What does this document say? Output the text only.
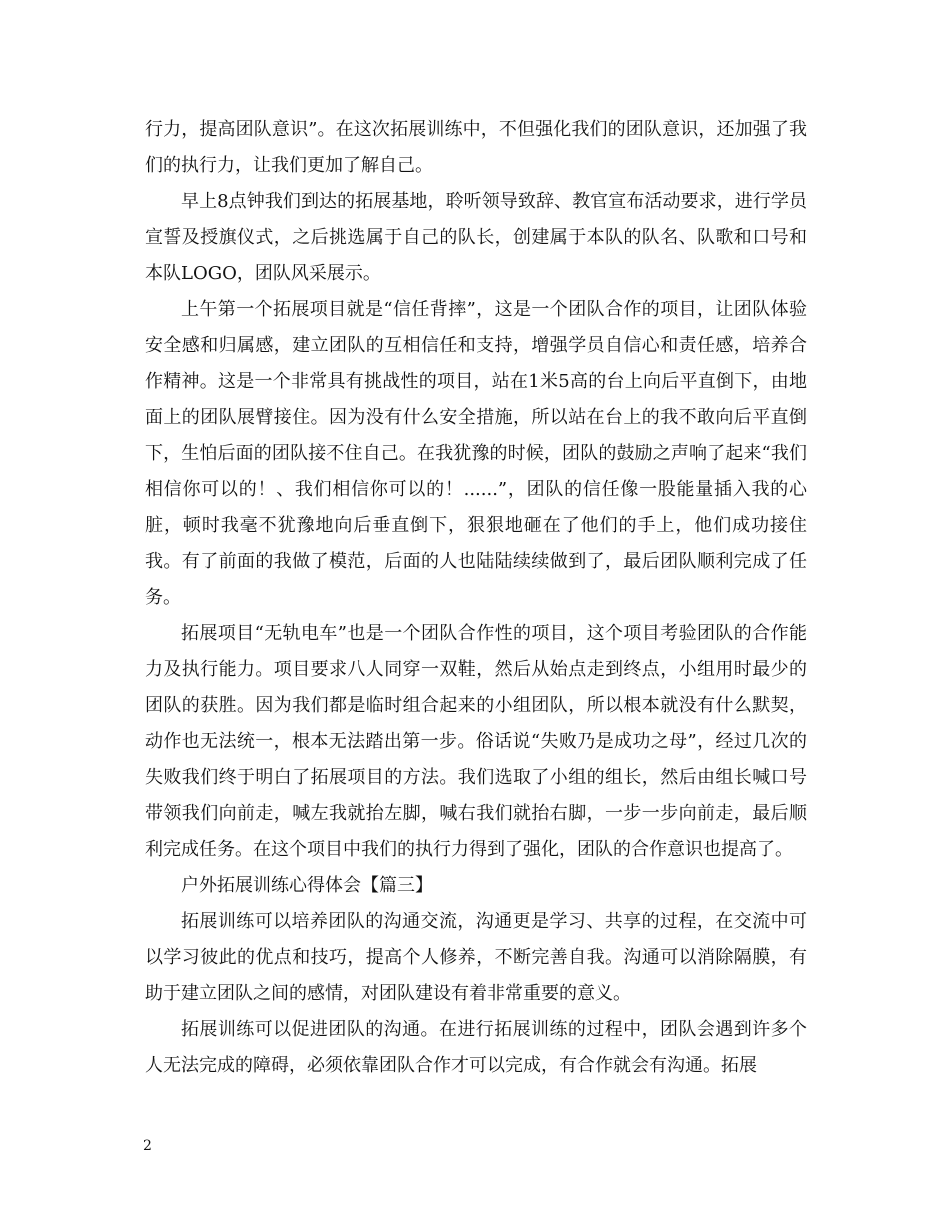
行力，提高团队意识”。在这次拓展训练中，不但强化我们的团队意识，还加强了我们的执行力，让我们更加了解自己。

早上8点钟我们到达的拓展基地，聆听领导致辞、教官宣布活动要求，进行学员宣誓及授旗仪式，之后挑选属于自己的队长，创建属于本队的队名、队歌和口号和本队LOGO，团队风采展示。

上午第一个拓展项目就是“信任背摔”，这是一个团队合作的项目，让团队体验安全感和归属感，建立团队的互相信任和支持，增强学员自信心和责任感，培养合作精神。这是一个非常具有挑战性的项目，站在1米5高的台上向后平直倒下，由地面上的团队展臂接住。因为没有什么安全措施，所以站在台上的我不敢向后平直倒下，生怕后面的团队接不住自己。在我犹豫的时候，团队的鼓励之声响了起来“我们相信你可以的！、我们相信你可以的！......”，团队的信任像一股能量插入我的心脏，顿时我毫不犹豫地向后垂直倒下，狠狠地砸在了他们的手上，他们成功接住我。有了前面的我做了模范，后面的人也陆陆续续做到了，最后团队顺利完成了任务。

拓展项目“无轨电车”也是一个团队合作性的项目，这个项目考验团队的合作能力及执行能力。项目要求八人同穿一双鞋，然后从始点走到终点，小组用时最少的团队的获胜。因为我们都是临时组合起来的小组团队，所以根本就没有什么默契，动作也无法统一，根本无法踏出第一步。俗话说“失败乃是成功之母”，经过几次的失败我们终于明白了拓展项目的方法。我们选取了小组的组长，然后由组长喊口号带领我们向前走，喊左我就抬左脚，喊右我们就抬右脚，一步一步向前走，最后顺利完成任务。在这个项目中我们的执行力得到了强化，团队的合作意识也提高了。

户外拓展训练心得体会【篇三】

拓展训练可以培养团队的沟通交流，沟通更是学习、共享的过程，在交流中可以学习彼此的优点和技巧，提高个人修养，不断完善自我。沟通可以消除隔膜，有助于建立团队之间的感情，对团队建设有着非常重要的意义。

拓展训练可以促进团队的沟通。在进行拓展训练的过程中，团队会遇到许多个人无法完成的障碍，必须依靠团队合作才可以完成，有合作就会有沟通。拓展

2
